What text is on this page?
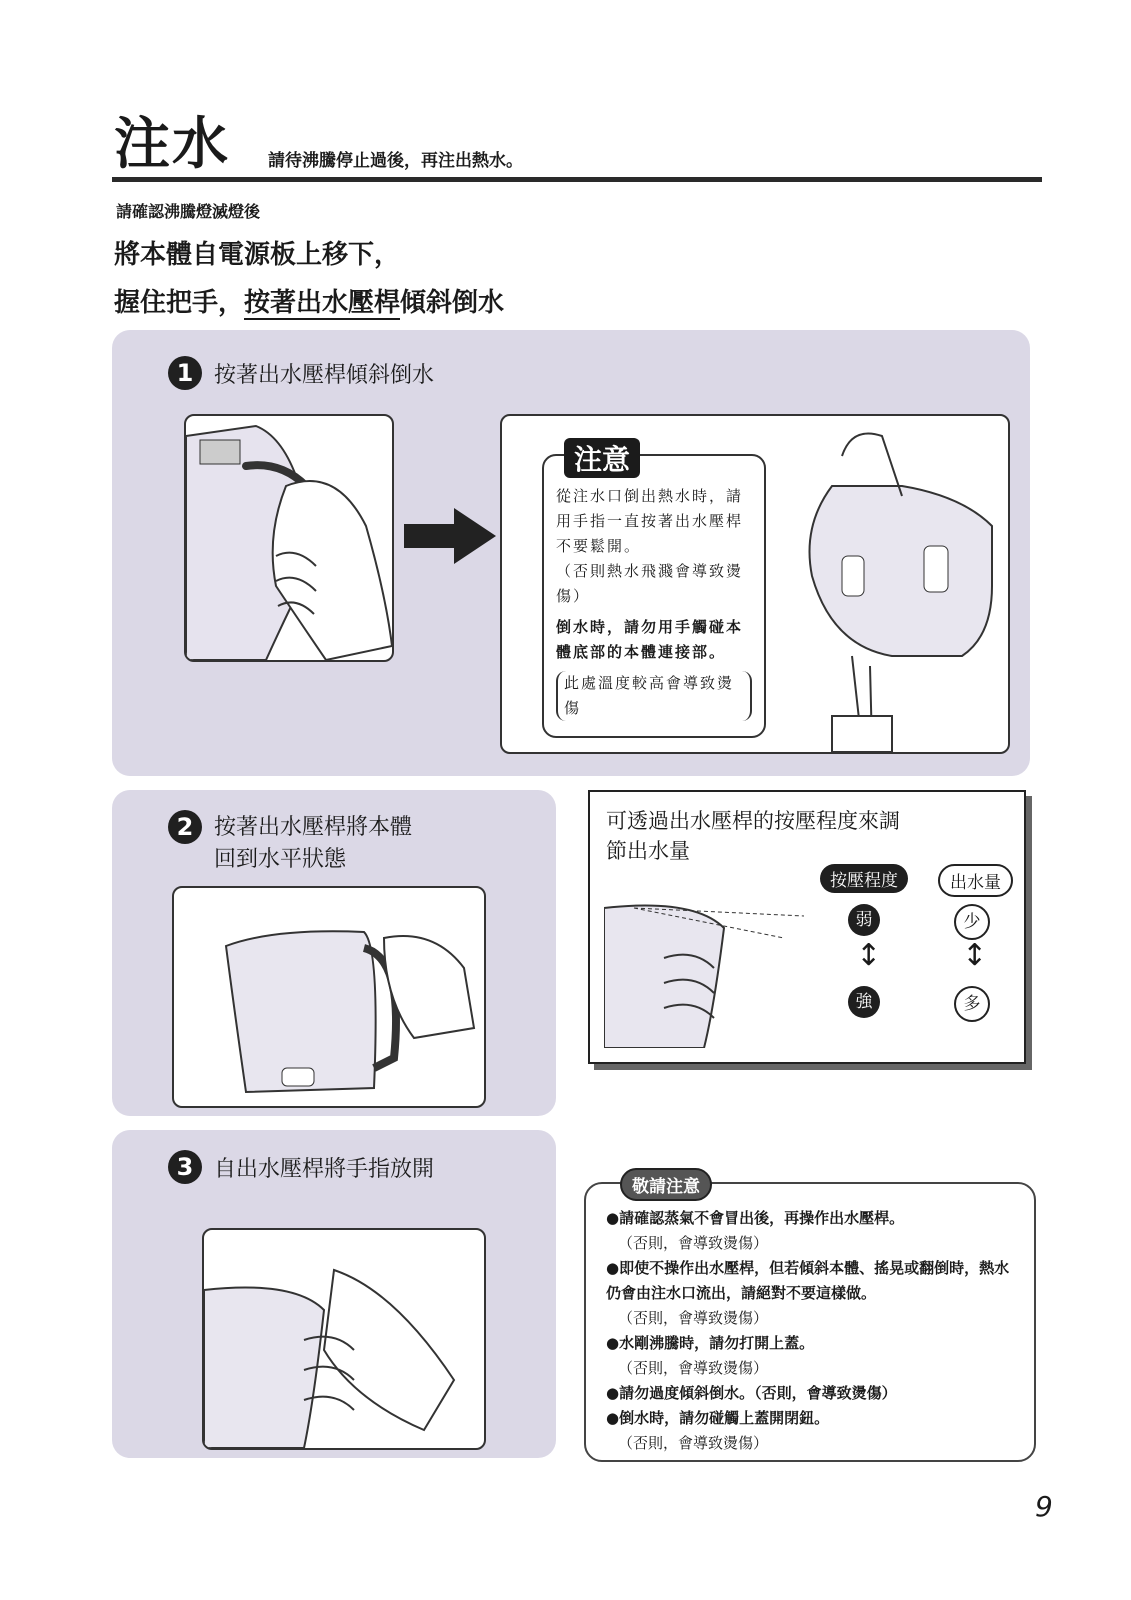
注水 請待沸騰停止過後，再注出熱水。
請確認沸騰燈滅燈後
將本體自電源板上移下，
握住把手，按著出水壓桿傾斜倒水
1 按著出水壓桿傾斜倒水
注意
從注水口倒出熱水時，請用手指一直按著出水壓桿不要鬆開。
（否則熱水飛濺會導致燙傷）
倒水時，請勿用手觸碰本體底部的本體連接部。
此處溫度較高會導致燙傷
2 按著出水壓桿將本體
回到水平狀態
可透過出水壓桿的按壓程度來調
節出水量
按壓程度	出水量
弱	少
↕	↕
強	多
3 自出水壓桿將手指放開
●請確認蒸氣不會冒出後，再操作出水壓桿。
（否則，會導致燙傷）
●即使不操作出水壓桿，但若傾斜本體、搖晃或翻倒時，熱水仍會由注水口流出，請絕對不要這樣做。
（否則，會導致燙傷）
●水剛沸騰時，請勿打開上蓋。
（否則，會導致燙傷）
●請勿過度傾斜倒水。（否則，會導致燙傷）
●倒水時，請勿碰觸上蓋開閉鈕。
（否則，會導致燙傷）
敬請注意
9
